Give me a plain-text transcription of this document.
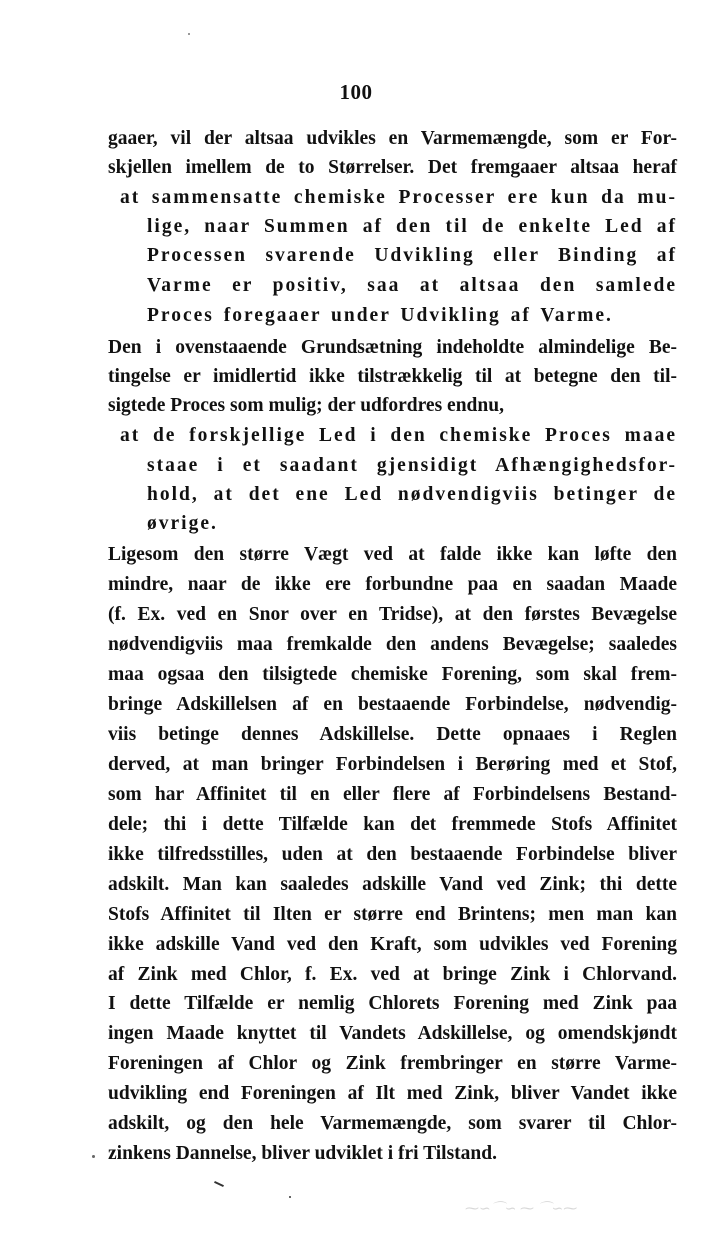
100
gaaer, vil der altsaa udvikles en Varmemængde, som er For-
skjellen imellem de to Størrelser. Det fremgaaer altsaa heraf
at sammensatte chemiske Processer ere kun da mu-
lige, naar Summen af den til de enkelte Led af
Processen svarende Udvikling eller Binding af
Varme er positiv, saa at altsaa den samlede
Proces foregaaer under Udvikling af Varme.
Den i ovenstaaende Grundsætning indeholdte almindelige Be-
tingelse er imidlertid ikke tilstrækkelig til at betegne den til-
sigtede Proces som mulig; der udfordres endnu,
at de forskjellige Led i den chemiske Proces maae
staae i et saadant gjensidigt Afhængighedsfor-
hold, at det ene Led nødvendigviis betinger de
øvrige.
Ligesom den større Vægt ved at falde ikke kan løfte den
mindre, naar de ikke ere forbundne paa en saadan Maade
(f. Ex. ved en Snor over en Tridse), at den førstes Bevægelse
nødvendigviis maa fremkalde den andens Bevægelse; saaledes
maa ogsaa den tilsigtede chemiske Forening, som skal frem-
bringe Adskillelsen af en bestaaende Forbindelse, nødvendig-
viis betinge dennes Adskillelse. Dette opnaaes i Reglen
derved, at man bringer Forbindelsen i Berøring med et Stof,
som har Affinitet til en eller flere af Forbindelsens Bestand-
dele; thi i dette Tilfælde kan det fremmede Stofs Affinitet
ikke tilfredsstilles, uden at den bestaaende Forbindelse bliver
adskilt. Man kan saaledes adskille Vand ved Zink; thi dette
Stofs Affinitet til Ilten er større end Brintens; men man kan
ikke adskille Vand ved den Kraft, som udvikles ved Forening
af Zink med Chlor, f. Ex. ved at bringe Zink i Chlorvand.
I dette Tilfælde er nemlig Chlorets Forening med Zink paa
ingen Maade knyttet til Vandets Adskillelse, og omendskjøndt
Foreningen af Chlor og Zink frembringer en større Varme-
udvikling end Foreningen af Ilt med Zink, bliver Vandet ikke
adskilt, og den hele Varmemængde, som svarer til Chlor-
zinkens Dannelse, bliver udviklet i fri Tilstand.
⁓∽⌒∽ ⁓ ⌒∽⁓
